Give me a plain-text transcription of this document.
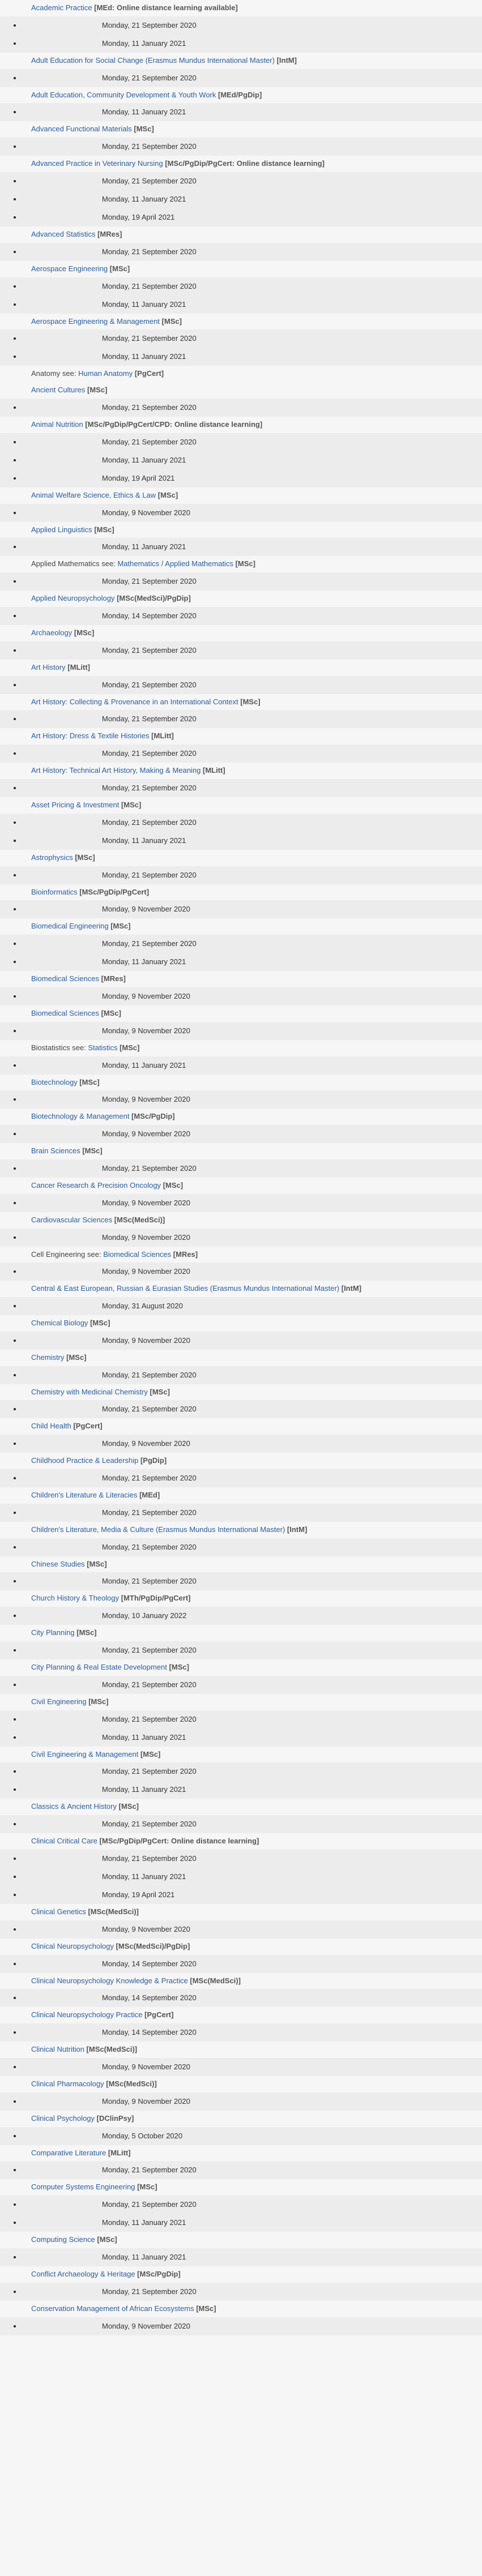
Academic Practice [MEd: Online distance learning available]
Monday, 21 September 2020
Monday, 11 January 2021
Adult Education for Social Change (Erasmus Mundus International Master) [IntM]
Monday, 21 September 2020
Adult Education, Community Development & Youth Work [MEd/PgDip]
Monday, 11 January 2021
Advanced Functional Materials [MSc]
Monday, 21 September 2020
Advanced Practice in Veterinary Nursing [MSc/PgDip/PgCert: Online distance learning]
Monday, 21 September 2020
Monday, 11 January 2021
Monday, 19 April 2021
Advanced Statistics [MRes]
Monday, 21 September 2020
Aerospace Engineering [MSc]
Monday, 21 September 2020
Monday, 11 January 2021
Aerospace Engineering & Management [MSc]
Monday, 21 September 2020
Monday, 11 January 2021
Anatomy see: Human Anatomy [PgCert]
Ancient Cultures [MSc]
Monday, 21 September 2020
Animal Nutrition [MSc/PgDip/PgCert/CPD: Online distance learning]
Monday, 21 September 2020
Monday, 11 January 2021
Monday, 19 April 2021
Animal Welfare Science, Ethics & Law [MSc]
Monday, 9 November 2020
Applied Linguistics [MSc]
Monday, 11 January 2021
Applied Mathematics see: Mathematics / Applied Mathematics [MSc]
Monday, 21 September 2020
Applied Neuropsychology [MSc(MedSci)/PgDip]
Monday, 14 September 2020
Archaeology [MSc]
Monday, 21 September 2020
Art History [MLitt]
Monday, 21 September 2020
Art History: Collecting & Provenance in an International Context [MSc]
Monday, 21 September 2020
Art History: Dress & Textile Histories [MLitt]
Monday, 21 September 2020
Art History: Technical Art History, Making & Meaning [MLitt]
Monday, 21 September 2020
Asset Pricing & Investment [MSc]
Monday, 21 September 2020
Monday, 11 January 2021
Astrophysics [MSc]
Monday, 21 September 2020
Bioinformatics [MSc/PgDip/PgCert]
Monday, 9 November 2020
Biomedical Engineering [MSc]
Monday, 21 September 2020
Monday, 11 January 2021
Biomedical Sciences [MRes]
Monday, 9 November 2020
Biomedical Sciences [MSc]
Monday, 9 November 2020
Biostatistics see: Statistics [MSc]
Monday, 11 January 2021
Biotechnology [MSc]
Monday, 9 November 2020
Biotechnology & Management [MSc/PgDip]
Monday, 9 November 2020
Brain Sciences [MSc]
Monday, 21 September 2020
Cancer Research & Precision Oncology [MSc]
Monday, 9 November 2020
Cardiovascular Sciences [MSc(MedSci)]
Monday, 9 November 2020
Cell Engineering see: Biomedical Sciences [MRes]
Monday, 9 November 2020
Central & East European, Russian & Eurasian Studies (Erasmus Mundus International Master) [IntM]
Monday, 31 August 2020
Chemical Biology [MSc]
Monday, 9 November 2020
Chemistry [MSc]
Monday, 21 September 2020
Chemistry with Medicinal Chemistry [MSc]
Monday, 21 September 2020
Child Health [PgCert]
Monday, 9 November 2020
Childhood Practice & Leadership [PgDip]
Monday, 21 September 2020
Children's Literature & Literacies [MEd]
Monday, 21 September 2020
Children's Literature, Media & Culture (Erasmus Mundus International Master) [IntM]
Monday, 21 September 2020
Chinese Studies [MSc]
Monday, 21 September 2020
Church History & Theology [MTh/PgDip/PgCert]
Monday, 10 January 2022
City Planning [MSc]
Monday, 21 September 2020
City Planning & Real Estate Development [MSc]
Monday, 21 September 2020
Civil Engineering [MSc]
Monday, 21 September 2020
Monday, 11 January 2021
Civil Engineering & Management [MSc]
Monday, 21 September 2020
Monday, 11 January 2021
Classics & Ancient History [MSc]
Monday, 21 September 2020
Clinical Critical Care [MSc/PgDip/PgCert: Online distance learning]
Monday, 21 September 2020
Monday, 11 January 2021
Monday, 19 April 2021
Clinical Genetics [MSc(MedSci)]
Monday, 9 November 2020
Clinical Neuropsychology [MSc(MedSci)/PgDip]
Monday, 14 September 2020
Clinical Neuropsychology Knowledge & Practice [MSc(MedSci)]
Monday, 14 September 2020
Clinical Neuropsychology Practice [PgCert]
Monday, 14 September 2020
Clinical Nutrition [MSc(MedSci)]
Monday, 9 November 2020
Clinical Pharmacology [MSc(MedSci)]
Monday, 9 November 2020
Clinical Psychology [DClinPsy]
Monday, 5 October 2020
Comparative Literature [MLitt]
Monday, 21 September 2020
Computer Systems Engineering [MSc]
Monday, 21 September 2020
Monday, 11 January 2021
Computing Science [MSc]
Monday, 11 January 2021
Conflict Archaeology & Heritage [MSc/PgDip]
Monday, 21 September 2020
Conservation Management of African Ecosystems [MSc]
Monday, 9 November 2020
